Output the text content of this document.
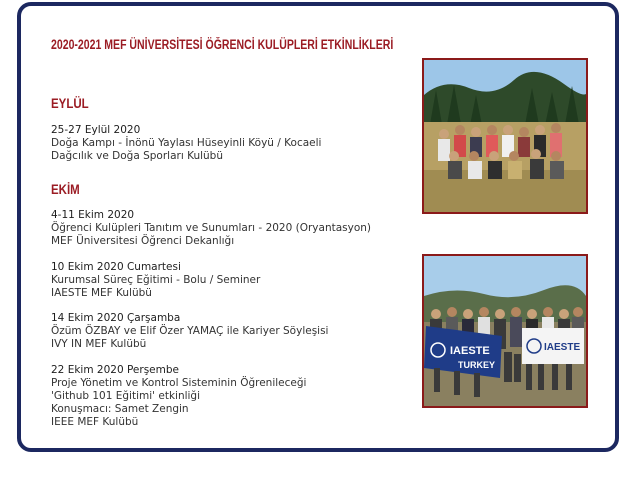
2020-2021 MEF ÜNİVERSİTESİ ÖĞRENCİ KULÜPLERİ ETKİNLİKLERİ
EYLÜL
25-27 Eylül 2020
Doğa Kampı - İnönü Yaylası Hüseyinli Köyü / Kocaeli
Dağcılık ve Doğa Sporları Kulübü
EKİM
4-11 Ekim 2020
Öğrenci Kulüpleri Tanıtım ve Sunumları - 2020 (Oryantasyon)
MEF Üniversitesi Öğrenci Dekanlığı
10 Ekim 2020 Cumartesi
Kurumsal Süreç Eğitimi - Bolu / Seminer
IAESTE MEF Kulübü
14 Ekim 2020 Çarşamba
Özüm ÖZBAY ve Elif Özer YAMAÇ ile Kariyer Söyleşisi
IVY IN MEF Kulübü
22 Ekim 2020 Perşembe
Proje Yönetim ve Kontrol Sisteminin Öğrenileceği
'Github 101 Eğitimi' etkinliği
Konuşmacı: Samet Zengin
IEEE MEF Kulübü
IAESTE
TURKEY
IAESTE
